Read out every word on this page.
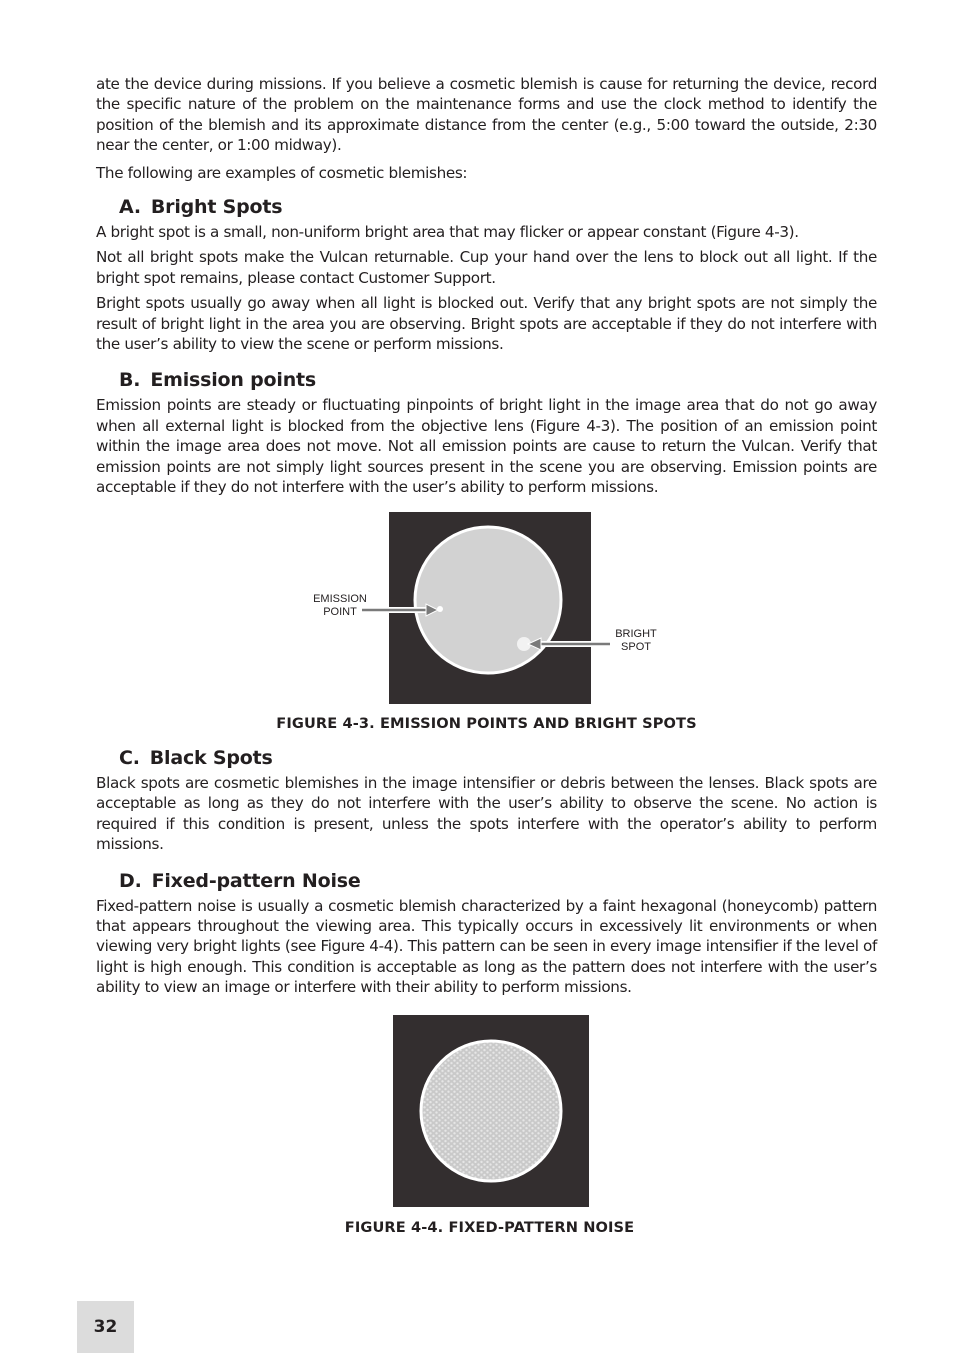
ate the device during missions. If you believe a cosmetic blemish is cause for returning the device, record the specific nature of the problem on the maintenance forms and use the clock method to identify the position of the blemish and its approximate distance from the center (e.g., 5:00 toward the outside, 2:30 near the center, or 1:00 midway).

The following are examples of cosmetic blemishes:

A. Bright Spots

A bright spot is a small, non-uniform bright area that may flicker or appear constant (Figure 4-3).

Not all bright spots make the Vulcan returnable. Cup your hand over the lens to block out all light. If the bright spot remains, please contact Customer Support.

Bright spots usually go away when all light is blocked out. Verify that any bright spots are not simply the result of bright light in the area you are observing. Bright spots are acceptable if they do not interfere with the user’s ability to view the scene or perform missions.

B. Emission points

Emission points are steady or fluctuating pinpoints of bright light in the image area that do not go away when all external light is blocked from the objective lens (Figure 4-3). The position of an emission point within the image area does not move. Not all emission points are cause to return the Vulcan. Verify that emission points are not simply light sources present in the scene you are observing. Emission points are acceptable if they do not interfere with the user’s ability to perform missions.

EMISSION
POINT
BRIGHT
SPOT

FIGURE 4-3. EMISSION POINTS AND BRIGHT SPOTS

C. Black Spots

Black spots are cosmetic blemishes in the image intensifier or debris between the lenses. Black spots are acceptable as long as they do not interfere with the user’s ability to observe the scene. No action is required if this condition is present, unless the spots interfere with the operator’s ability to perform missions.

D. Fixed-pattern Noise

Fixed-pattern noise is usually a cosmetic blemish characterized by a faint hexagonal (honeycomb) pattern that appears throughout the viewing area. This typically occurs in excessively lit environments or when viewing very bright lights (see Figure 4-4). This pattern can be seen in every image intensifier if the level of light is high enough. This condition is acceptable as long as the pattern does not interfere with the user’s ability to view an image or interfere with their ability to perform missions.

FIGURE 4-4. FIXED-PATTERN NOISE

32
